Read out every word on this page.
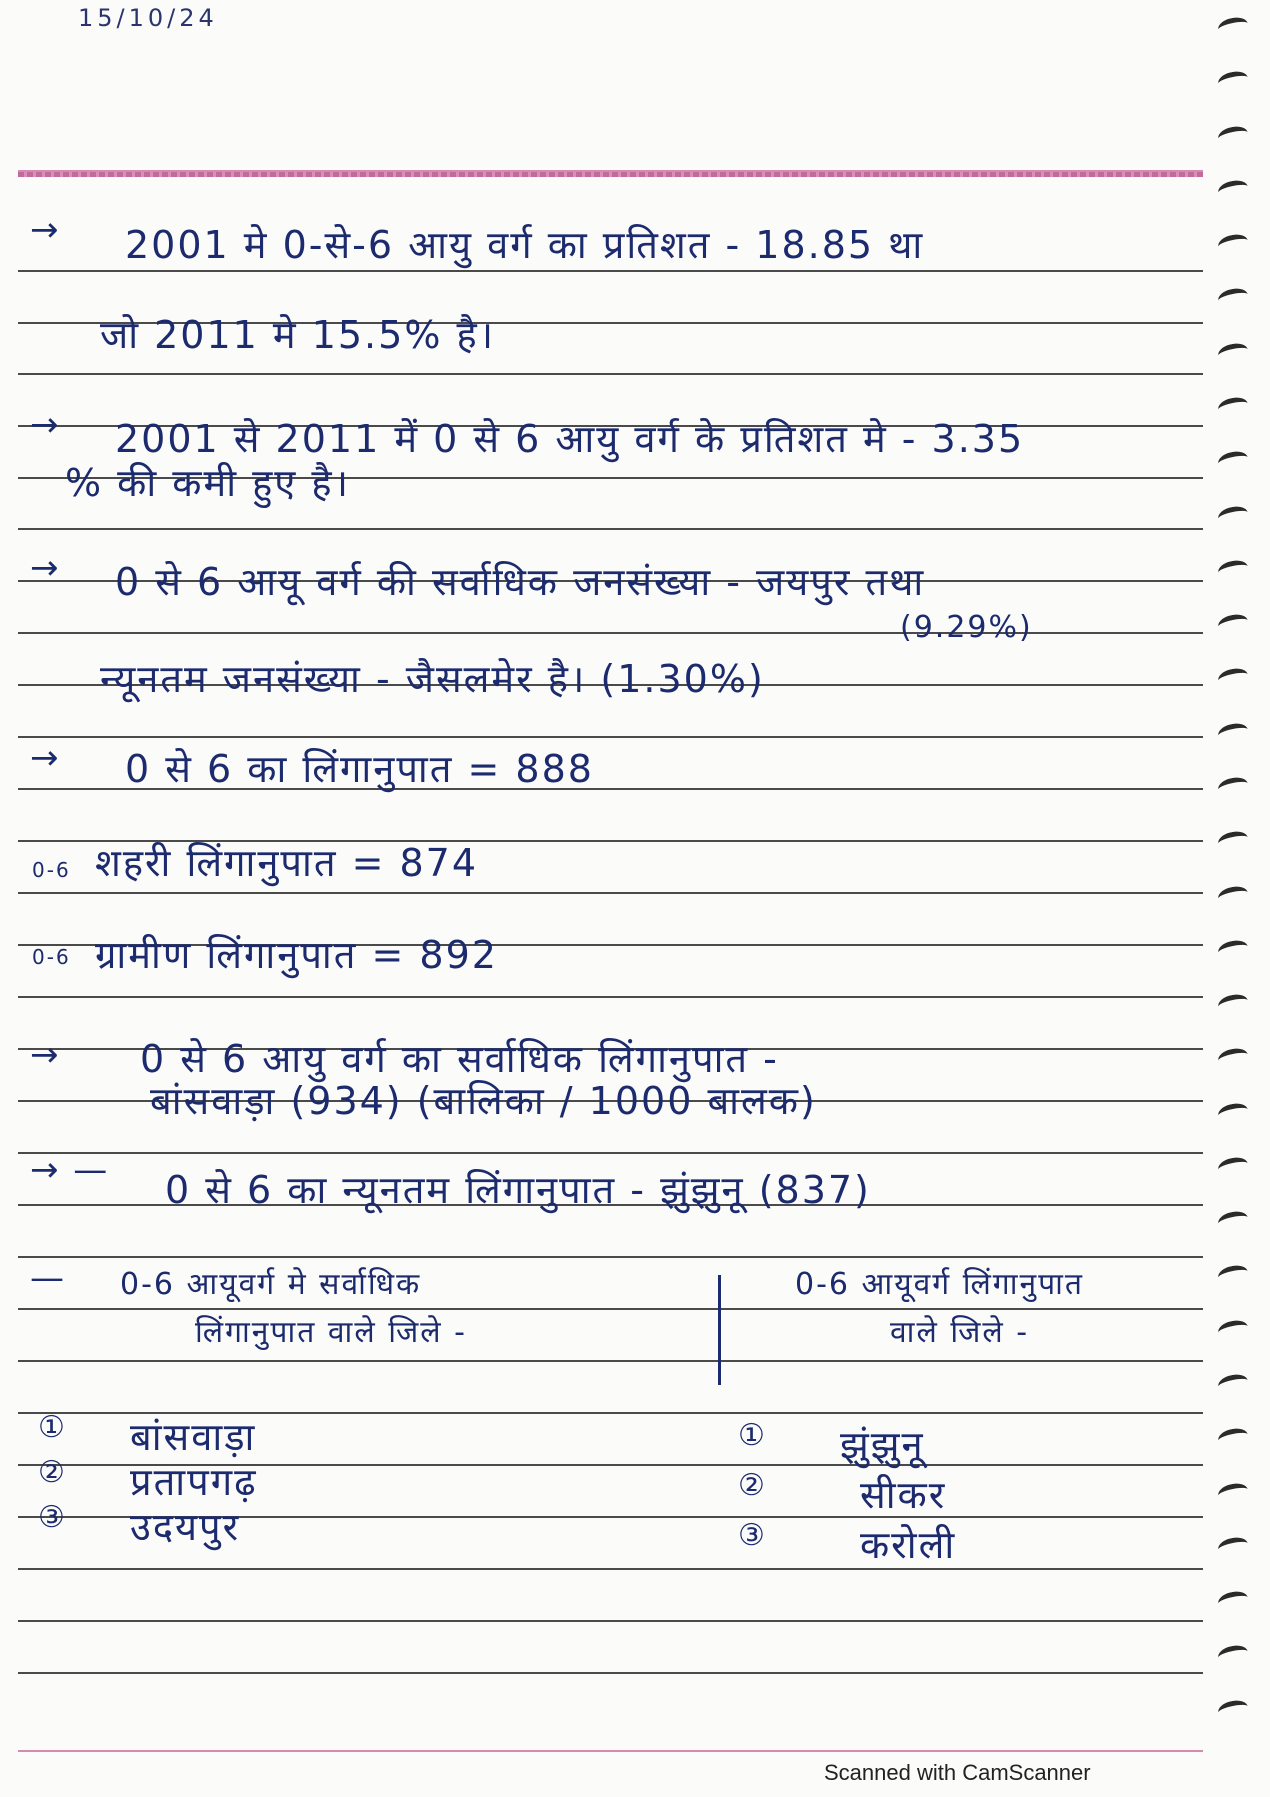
15/10/24
→
→
→
→
→
→ —
—
0-6
0-6
2001 मे 0-से-6 आयु वर्ग का प्रतिशत - 18.85 था
जो 2011 मे 15.5% है।
2001 से 2011 में 0 से 6 आयु वर्ग के प्रतिशत मे - 3.35
% की कमी हुए है।
0 से 6 आयू वर्ग की सर्वाधिक जनसंख्या - जयपुर तथा
(9.29%)
न्यूनतम जनसंख्या - जैसलमेर है। (1.30%)
0 से 6 का लिंगानुपात = 888
शहरी लिंगानुपात = 874
ग्रामीण लिंगानुपात = 892
0 से 6 आयु वर्ग का सर्वाधिक लिंगानुपात -
बांसवाड़ा (934) (बालिका / 1000 बालक)
0 से 6 का न्यूनतम लिंगानुपात - झुंझुनू (837)
0-6 आयूवर्ग मे सर्वाधिक
लिंगानुपात वाले जिले -
0-6 आयूवर्ग लिंगानुपात
वाले जिले -
①
②
③
बांसवाड़ा
प्रतापगढ़
उदयपुर
①
②
③
झुंझुनू
सीकर
करोली
Scanned with CamScanner
